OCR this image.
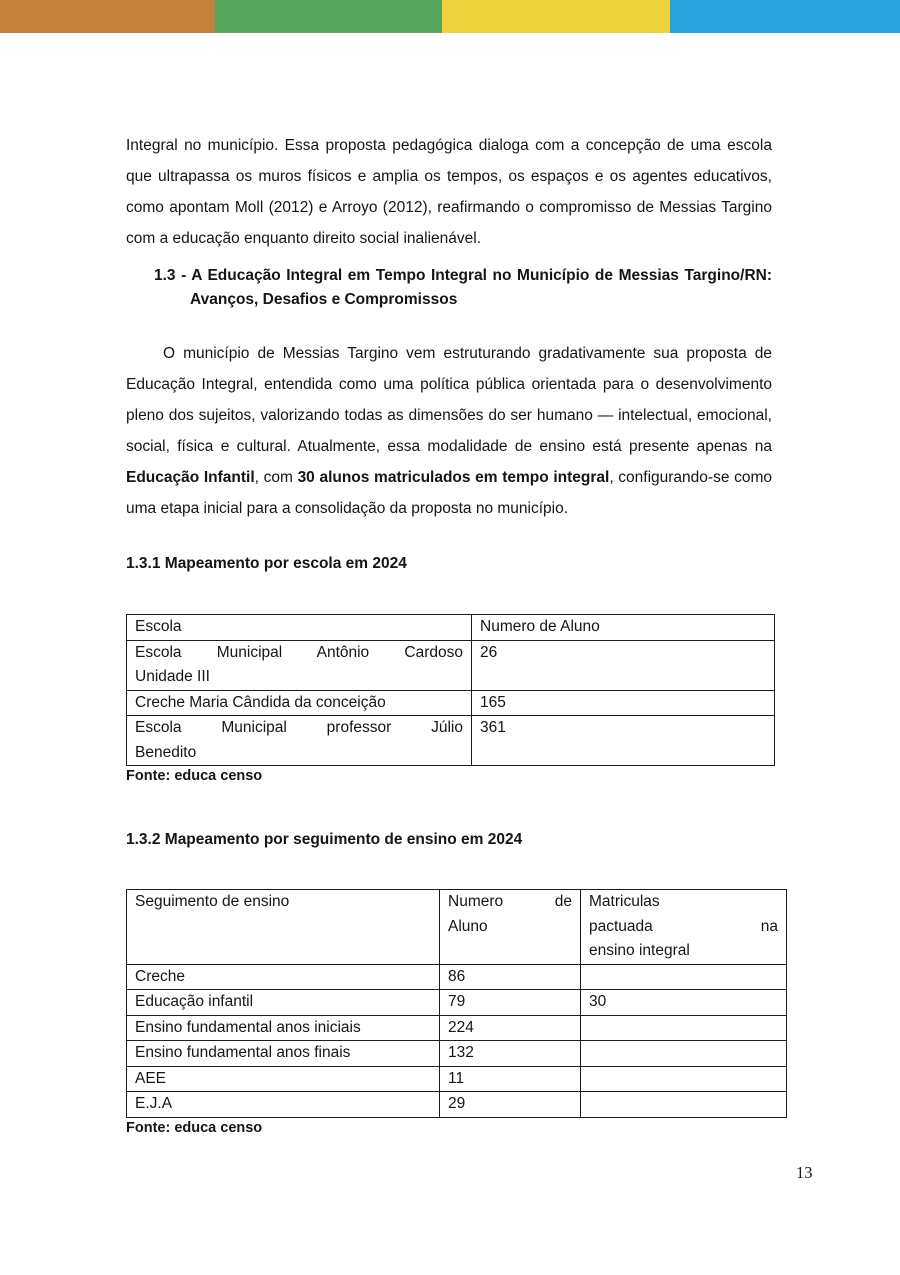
Integral no município. Essa proposta pedagógica dialoga com a concepção de uma escola que ultrapassa os muros físicos e amplia os tempos, os espaços e os agentes educativos, como apontam Moll (2012) e Arroyo (2012), reafirmando o compromisso de Messias Targino com a educação enquanto direito social inalienável.

1.3 - A Educação Integral em Tempo Integral no Município de Messias Targino/RN: Avanços, Desafios e Compromissos

O município de Messias Targino vem estruturando gradativamente sua proposta de Educação Integral, entendida como uma política pública orientada para o desenvolvimento pleno dos sujeitos, valorizando todas as dimensões do ser humano — intelectual, emocional, social, física e cultural. Atualmente, essa modalidade de ensino está presente apenas na Educação Infantil, com 30 alunos matriculados em tempo integral, configurando-se como uma etapa inicial para a consolidação da proposta no município.

1.3.1 Mapeamento por escola em 2024
Escola	Numero de Aluno

Escola Municipal Antônio Cardoso
Unidade III	26

Creche Maria Cândida da conceição	165

Escola Municipal professor Júlio
Benedito	361
Fonte: educa censo
1.3.2 Mapeamento por seguimento de ensino em 2024
Seguimento de ensino	Numero de
Aluno

Matriculas
pactuada na
ensino integral

Creche	86	
Educação infantil	79	30
Ensino fundamental anos iniciais	224	
Ensino fundamental anos finais	132	
AEE	11	
E.J.A	29	
Fonte: educa censo
13
